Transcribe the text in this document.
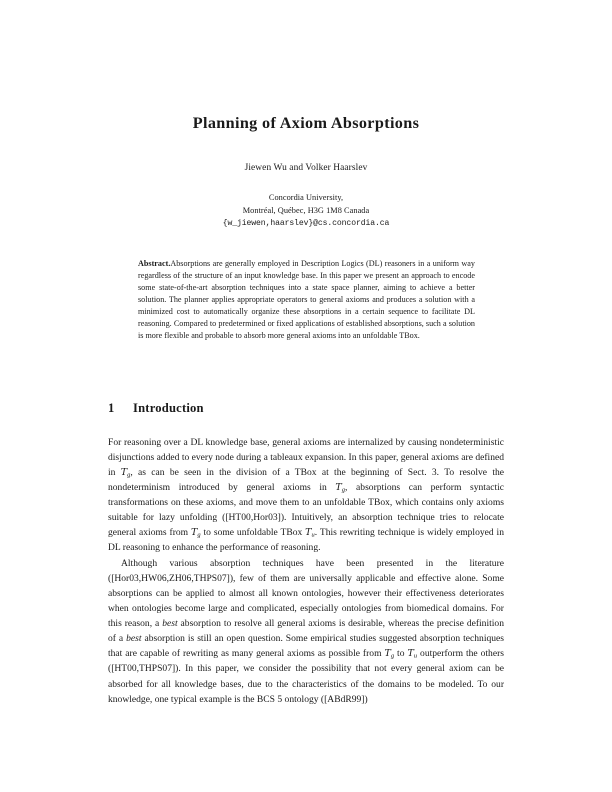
Planning of Axiom Absorptions
Jiewen Wu and Volker Haarslev
Concordia University,
Montréal, Québec, H3G 1M8 Canada
{w_jiewen,haarslev}@cs.concordia.ca
Abstract.Absorptions are generally employed in Description Logics (DL) reasoners in a uniform way regardless of the structure of an input knowledge base. In this paper we present an approach to encode some state-of-the-art absorption techniques into a state space planner, aiming to achieve a better solution. The planner applies appropriate operators to general axioms and produces a solution with a minimized cost to automatically organize these absorptions in a certain sequence to facilitate DL reasoning. Compared to predetermined or fixed applications of established absorptions, such a solution is more flexible and probable to absorb more general axioms into an unfoldable TBox.
1 Introduction

For reasoning over a DL knowledge base, general axioms are internalized by causing nondeterministic disjunctions added to every node during a tableaux expansion. In this paper, general axioms are defined in $T_g$, as can be seen in the division of a TBox at the beginning of Sect. 3. To resolve the nondeterminism introduced by general axioms in $T_g$, absorptions can perform syntactic transformations on these axioms, and move them to an unfoldable TBox, which contains only axioms suitable for lazy unfolding ([HT00,Hor03]). Intuitively, an absorption technique tries to relocate general axioms from $T_g$ to some unfoldable TBox $T_u$. This rewriting technique is widely employed in DL reasoning to enhance the performance of reasoning.

Although various absorption techniques have been presented in the literature ([Hor03,HW06,ZH06,THPS07]), few of them are universally applicable and effective alone. Some absorptions can be applied to almost all known ontologies, however their effectiveness deteriorates when ontologies become large and complicated, especially ontologies from biomedical domains. For this reason, a best absorption to resolve all general axioms is desirable, whereas the precise definition of a best absorption is still an open question. Some empirical studies suggested absorption techniques that are capable of rewriting as many general axioms as possible from $T_g$ to $T_u$ outperform the others ([HT00,THPS07]). In this paper, we consider the possibility that not every general axiom can be absorbed for all knowledge bases, due to the characteristics of the domains to be modeled. To our knowledge, one typical example is the BCS 5 ontology ([ABdR99])
